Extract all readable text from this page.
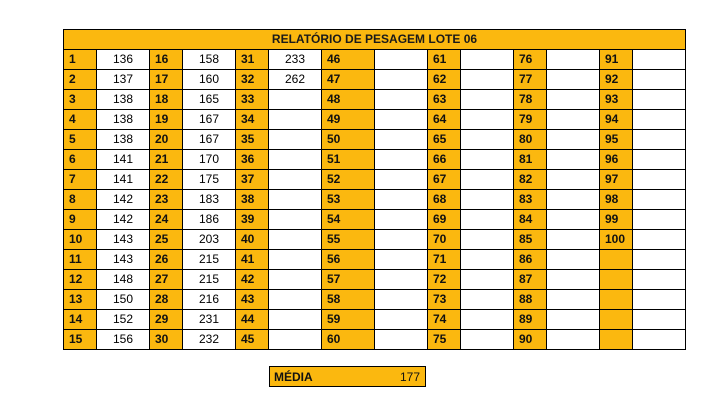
RELATÓRIO DE PESAGEM LOTE 06													
1	136	16	158	31	233	46		61		76		91	
2	137	17	160	32	262	47		62		77		92	
3	138	18	165	33		48		63		78		93	
4	138	19	167	34		49		64		79		94	
5	138	20	167	35		50		65		80		95	
6	141	21	170	36		51		66		81		96	
7	141	22	175	37		52		67		82		97	
8	142	23	183	38		53		68		83		98	
9	142	24	186	39		54		69		84		99	
10	143	25	203	40		55		70		85		100	
11	143	26	215	41		56		71		86			
12	148	27	215	42		57		72		87			
13	150	28	216	43		58		73		88			
14	152	29	231	44		59		74		89			
15	156	30	232	45		60		75		90			
MÉDIA	177
